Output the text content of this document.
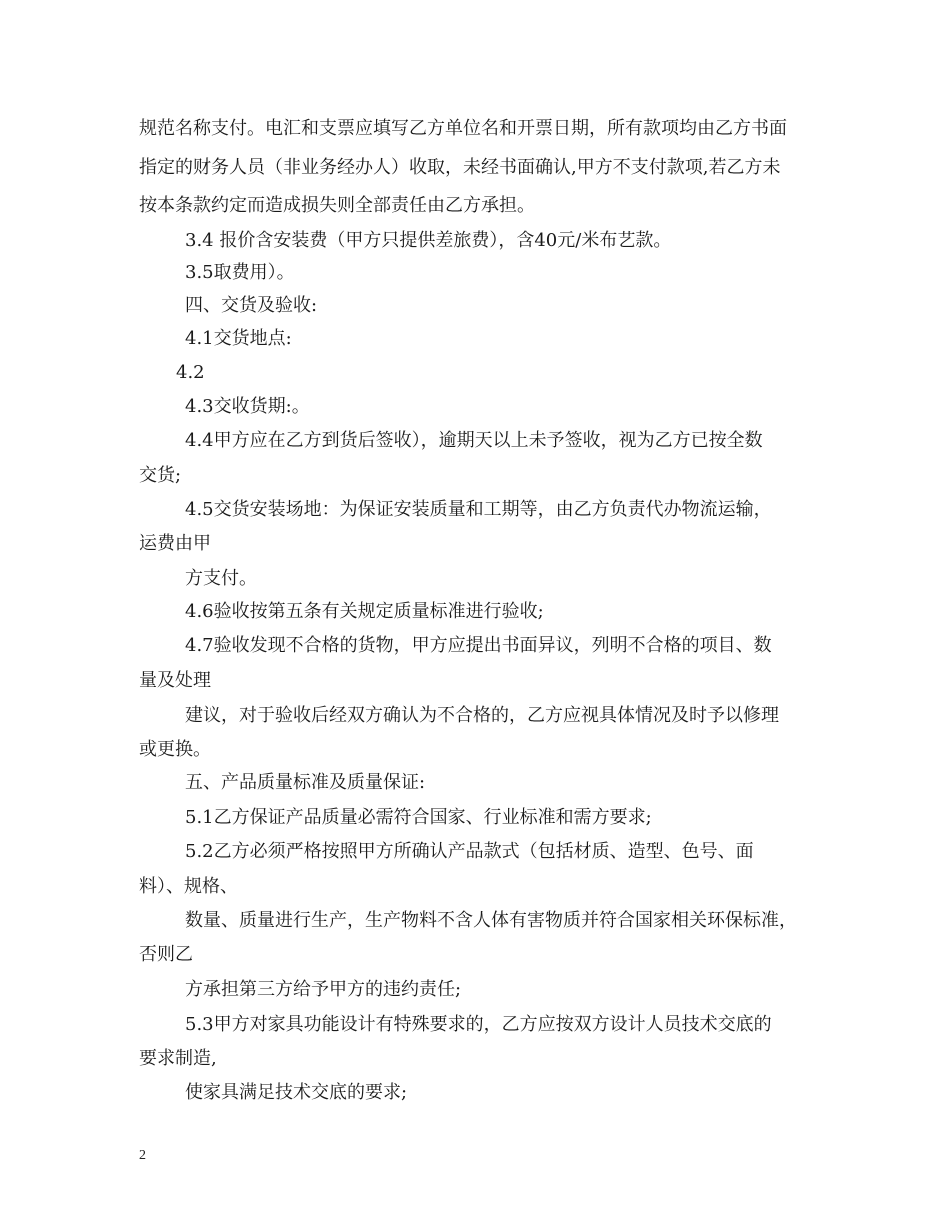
规范名称支付。电汇和支票应填写乙方单位名和开票日期，所有款项均由乙方书面
指定的财务人员（非业务经办人）收取，未经书面确认,甲方不支付款项,若乙方未
按本条款约定而造成损失则全部责任由乙方承担。
3.4 报价含安装费（甲方只提供差旅费），含40元/米布艺款。
3.5取费用）。
四、交货及验收:
4.1交货地点:
4.2
4.3交收货期:。
4.4甲方应在乙方到货后签收），逾期天以上未予签收，视为乙方已按全数
交货;
4.5交货安装场地：为保证安装质量和工期等，由乙方负责代办物流运输，
运费由甲
方支付。
4.6验收按第五条有关规定质量标准进行验收;
4.7验收发现不合格的货物，甲方应提出书面异议，列明不合格的项目、数
量及处理
建议，对于验收后经双方确认为不合格的，乙方应视具体情况及时予以修理
或更换。
五、产品质量标准及质量保证:
5.1乙方保证产品质量必需符合国家、行业标准和需方要求;
5.2乙方必须严格按照甲方所确认产品款式（包括材质、造型、色号、面
料）、规格、
数量、质量进行生产，生产物料不含人体有害物质并符合国家相关环保标准，
否则乙
方承担第三方给予甲方的违约责任;
5.3甲方对家具功能设计有特殊要求的，乙方应按双方设计人员技术交底的
要求制造,
使家具满足技术交底的要求;
2
